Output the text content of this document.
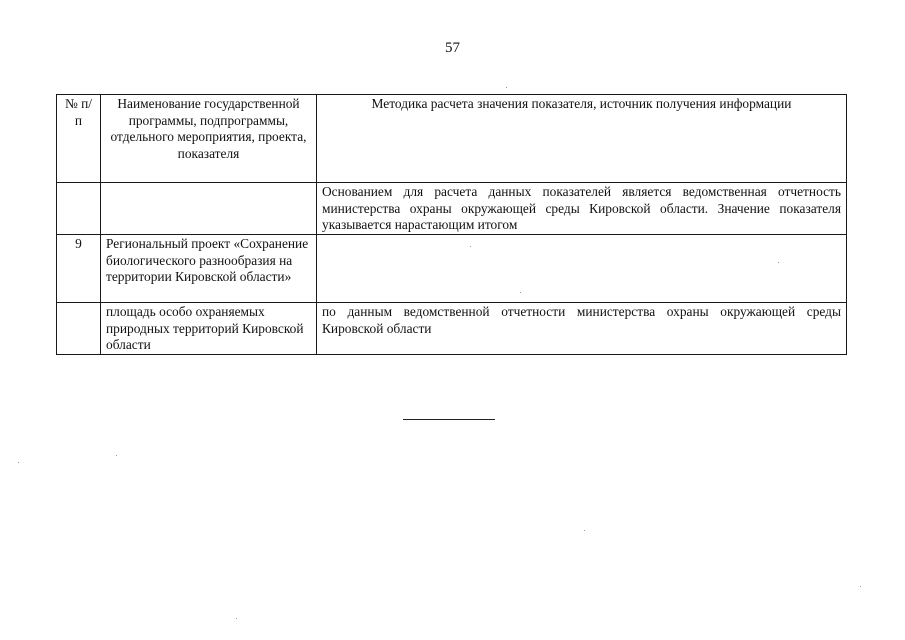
57
№ п/п	Наименование государственной программы, подпрограммы, отдельного мероприятия, проекта, показателя	Методика расчета значения показателя, источник получения информации
		Основанием для расчета данных показателей является ведомственная отчетность министерства охраны окружающей среды Кировской области. Значение показателя указывается нарастающим итогом
9	Региональный проект «Сохранение биологического разнообразия на территории Кировской области»	
	площадь особо охраняемых природных территорий Кировской области	по данным ведомственной отчетности министерства охраны окружающей среды Кировской области
